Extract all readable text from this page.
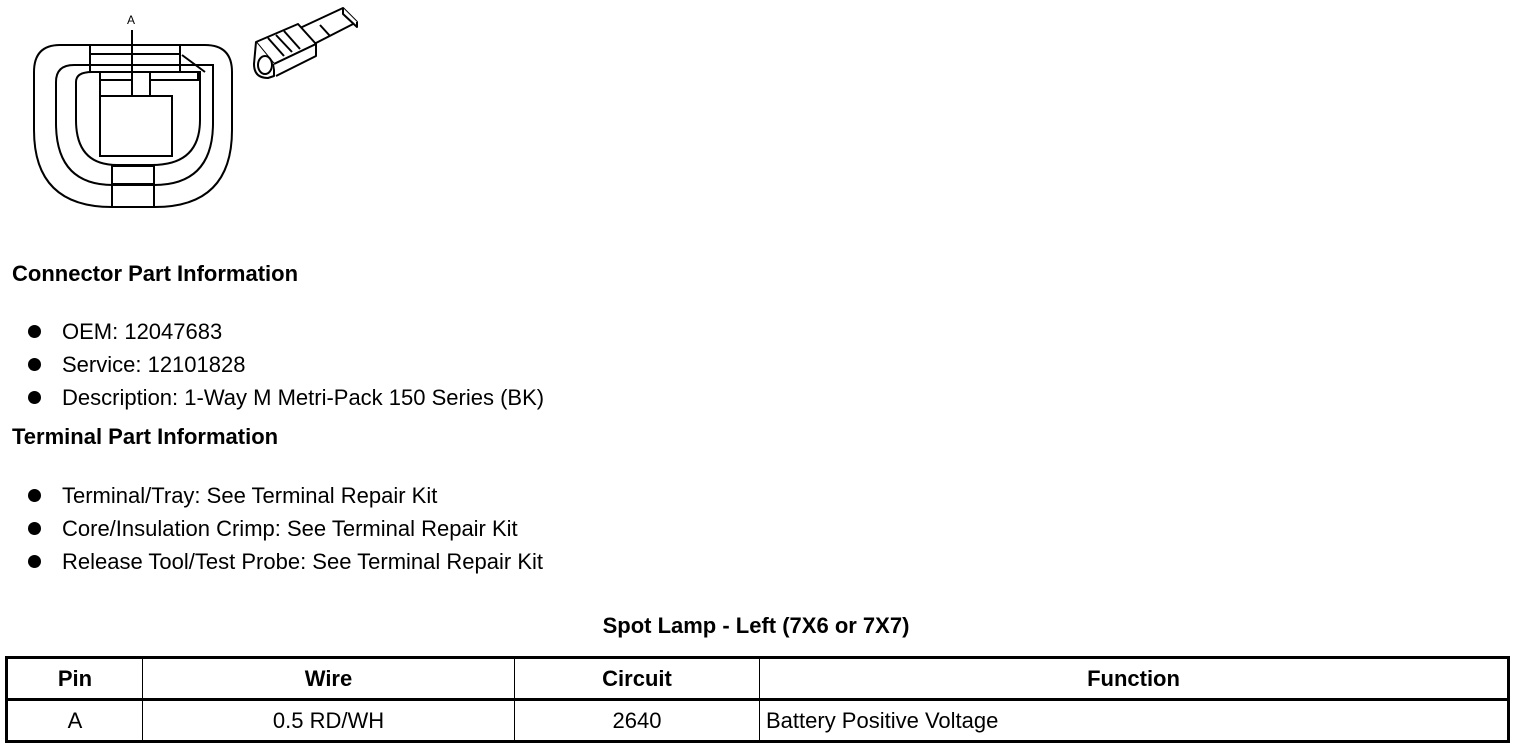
A
Connector Part Information
OEM: 12047683
Service: 12101828
Description: 1-Way M Metri-Pack 150 Series (BK)
Terminal Part Information
Terminal/Tray: See Terminal Repair Kit
Core/Insulation Crimp: See Terminal Repair Kit
Release Tool/Test Probe: See Terminal Repair Kit
Spot Lamp - Left (7X6 or 7X7)
Pin	Wire	Circuit	Function
A	0.5 RD/WH	2640	Battery Positive Voltage
